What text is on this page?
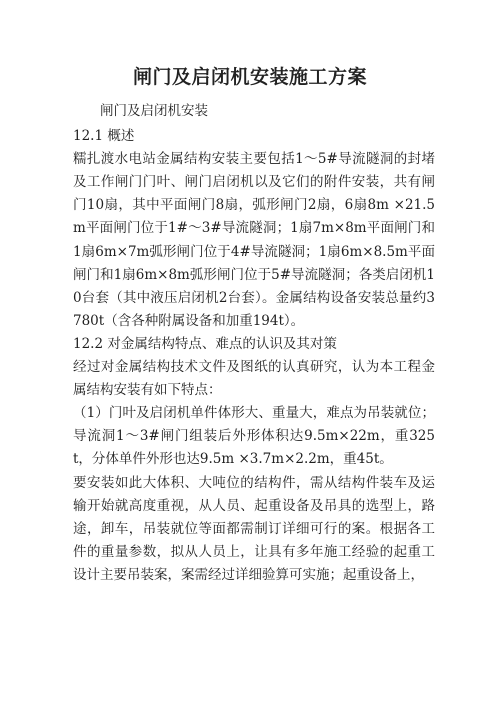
闸门及启闭机安装施工方案

闸门及启闭机安装

12.1 概述

糯扎渡水电站金属结构安装主要包括1～5#导流隧洞的封堵及工作闸门门叶、闸门启闭机以及它们的附件安装，共有闸门10扇，其中平面闸门8扇，弧形闸门2扇，6扇8m ×21.5m平面闸门位于1#～3#导流隧洞；1扇7m×8m平面闸门和1扇6m×7m弧形闸门位于4#导流隧洞；1扇6m×8.5m平面闸门和1扇6m×8m弧形闸门位于5#导流隧洞；各类启闭机10台套（其中液压启闭机2台套）。金属结构设备安装总量约3780t（含各种附属设备和加重194t）。

12.2 对金属结构特点、难点的认识及其对策

经过对金属结构技术文件及图纸的认真研究，认为本工程金属结构安装有如下特点：

（1）门叶及启闭机单件体形大、重量大，难点为吊装就位；导流洞1～3#闸门组装后外形体积达9.5m×22m，重325t，分体单件外形也达9.5m ×3.7m×2.2m，重45t。

要安装如此大体积、大吨位的结构件，需从结构件装车及运输开始就高度重视，从人员、起重设备及吊具的选型上，路途，卸车，吊装就位等面都需制订详细可行的案。根据各工件的重量参数，拟从人员上，让具有多年施工经验的起重工设计主要吊装案，案需经过详细验算可实施；起重设备上，
